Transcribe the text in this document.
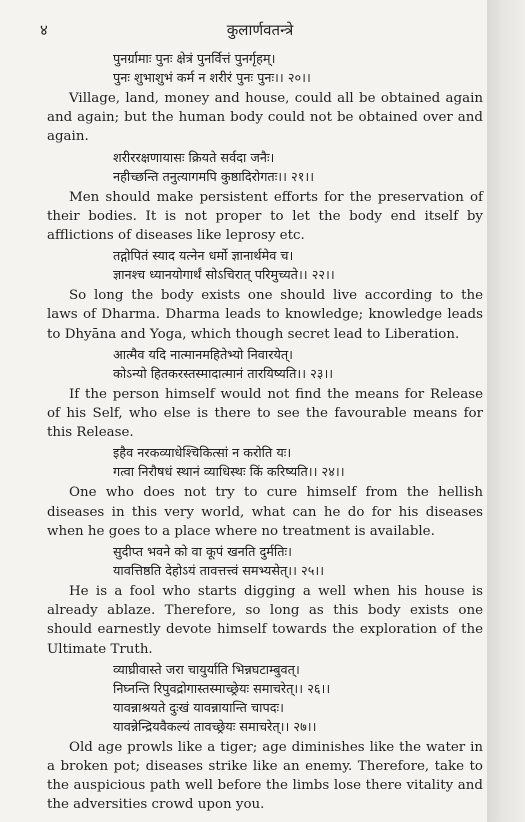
४	कुलार्णवतन्त्रे
पुनर्ग्रामाः पुनः क्षेत्रं पुनर्वित्तं पुनर्गृहम्।
पुनः शुभाशुभं कर्म न शरीरं पुनः पुनः।। २०।।

Village, land, money and house, could all be obtained again and again; but the human body could not be obtained over and again.

शरीररक्षणायासः क्रियते सर्वदा जनैः।
नहीच्छन्ति तनुत्यागमपि कुष्ठादिरोगतः।। २१।।

Men should make persistent efforts for the preservation of their bodies. It is not proper to let the body end itself by afflictions of diseases like leprosy etc.

तद्गोपितं स्याद यत्नेन धर्मो ज्ञानार्थमेव च।
ज्ञानश्च ध्यानयोगार्थं सोऽचिरात् परिमुच्यते।। २२।।

So long the body exists one should live according to the laws of Dharma. Dharma leads to knowledge; knowledge leads to Dhyāna and Yoga, which though secret lead to Liberation.

आत्मैव यदि नात्मानमहितेभ्यो निवारयेत्।
कोऽन्यो हितकरस्तस्मादात्मानं तारयिष्यति।। २३।।

If the person himself would not find the means for Release of his Self, who else is there to see the favourable means for this Release.

इहैव नरकव्याधेश्चिकित्सां न करोति यः।
गत्वा निरौषधं स्थानं व्याधिस्थः किं करिष्यति।। २४।।

One who does not try to cure himself from the hellish diseases in this very world, what can he do for his diseases when he goes to a place where no treatment is available.

सुदीप्त भवने को वा कूपं खनति दुर्मतिः।
यावत्तिष्ठति देहोऽयं तावत्तत्त्वं समभ्यसेत्।। २५।।

He is a fool who starts digging a well when his house is already ablaze. Therefore, so long as this body exists one should earnestly devote himself towards the exploration of the Ultimate Truth.

व्याघ्रीवास्ते जरा चायुर्याति भिन्नघटाम्बुवत्।
निघ्नन्ति रिपुवद्रोगास्तस्माच्छ्रेयः समाचरेत्।। २६।।
यावन्नाश्रयते दुःखं यावन्नायान्ति चापदः।
यावन्नेन्द्रियवैकल्यं तावच्छ्रेयः समाचरेत्।। २७।।

Old age prowls like a tiger; age diminishes like the water in a broken pot; diseases strike like an enemy. Therefore, take to the auspicious path well before the limbs lose there vitality and the adversities crowd upon you.
